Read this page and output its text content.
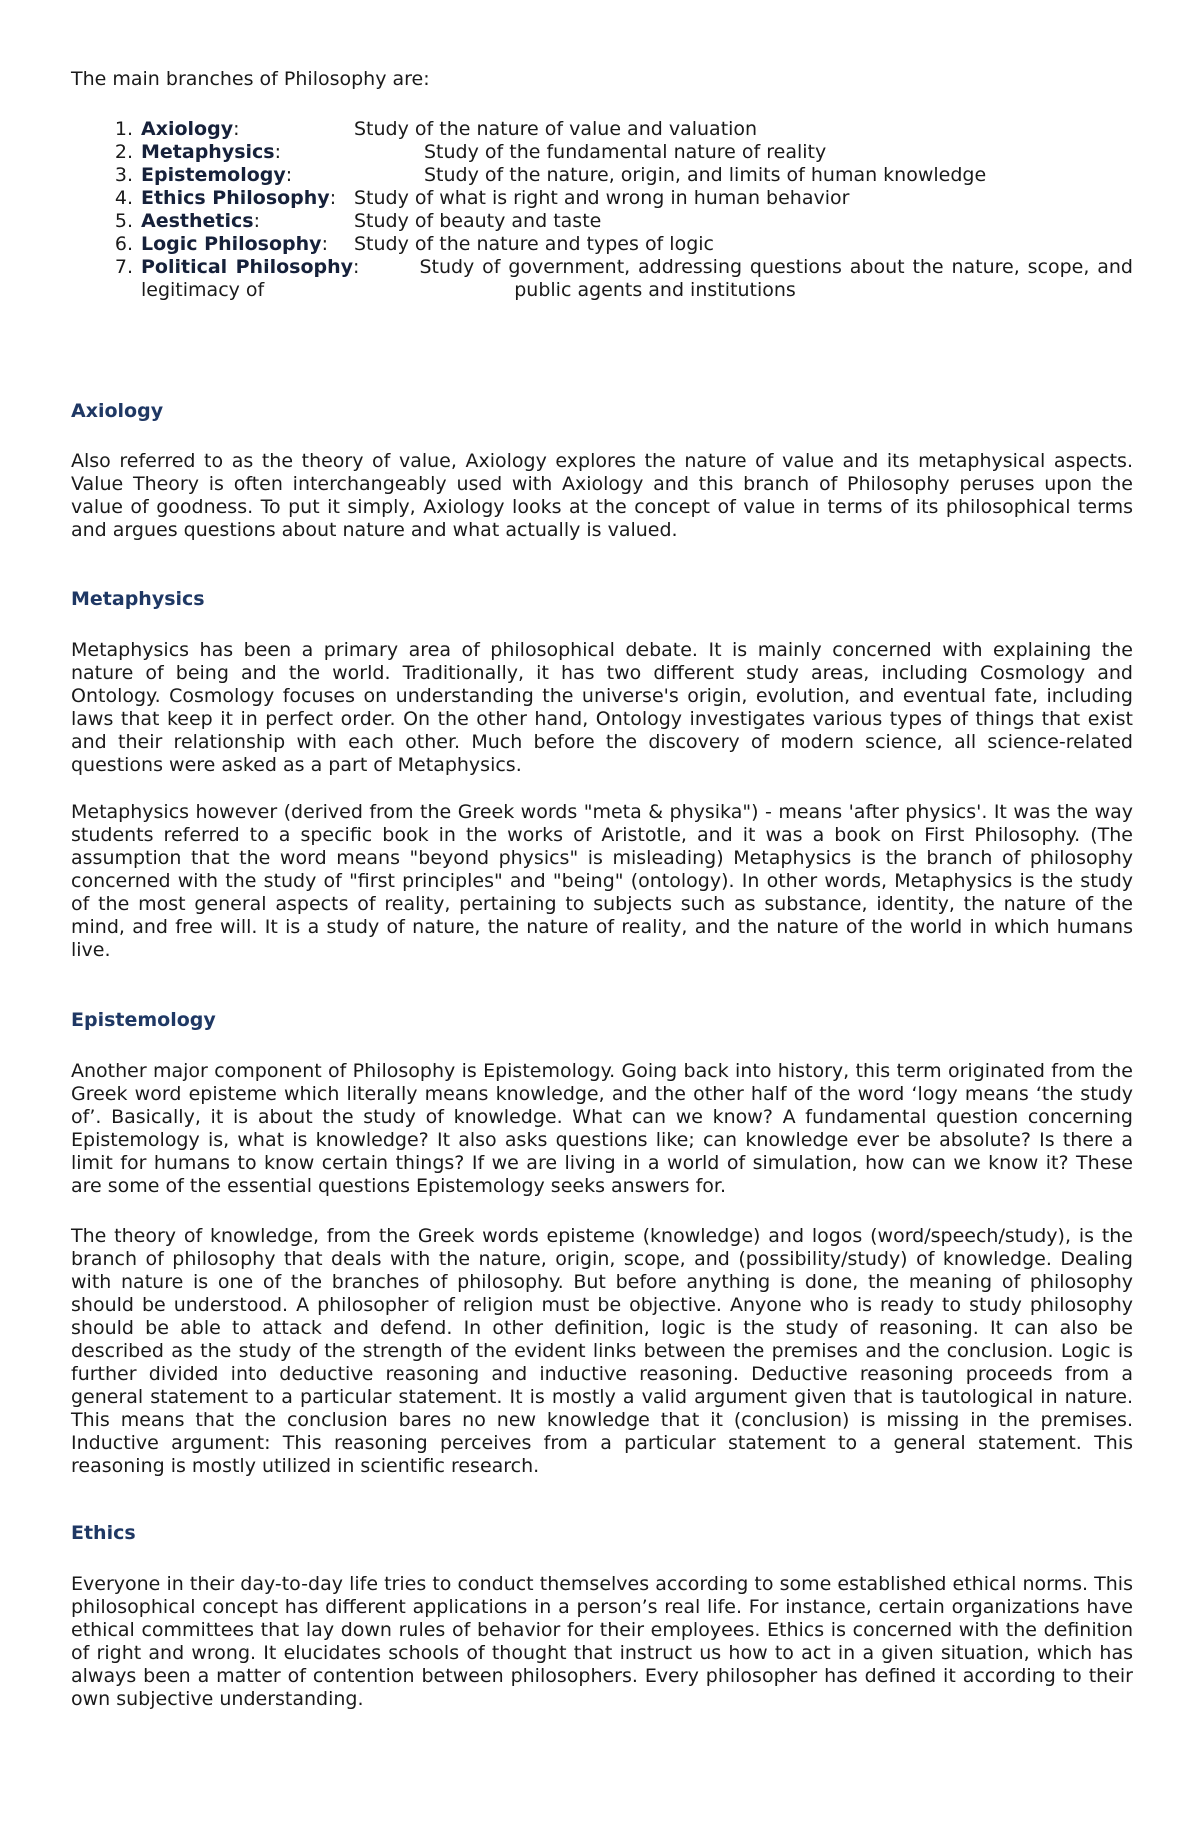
The main branches of Philosophy are:

1. Axiology:	Study of the nature of value and valuation
2. Metaphysics:	Study of the fundamental nature of reality
3. Epistemology:	Study of the nature, origin, and limits of human knowledge
4. Ethics Philosophy: Study of what is right and wrong in human behavior
5. Aesthetics:	Study of beauty and taste
6. Logic Philosophy: Study of the nature and types of logic
7. Political Philosophy:	Study of government, addressing questions about the nature, scope, and legitimacy of	public agents and institutions
Axiology

Also referred to as the theory of value, Axiology explores the nature of value and its metaphysical aspects. Value Theory is often interchangeably used with Axiology and this branch of Philosophy peruses upon the value of goodness. To put it simply, Axiology looks at the concept of value in terms of its philosophical terms and argues questions about nature and what actually is valued.

Metaphysics

Metaphysics has been a primary area of philosophical debate. It is mainly concerned with explaining the nature of being and the world. Traditionally, it has two different study areas, including Cosmology and Ontology. Cosmology focuses on understanding the universe's origin, evolution, and eventual fate, including laws that keep it in perfect order. On the other hand, Ontology investigates various types of things that exist and their relationship with each other. Much before the discovery of modern science, all science-related questions were asked as a part of Metaphysics.

Metaphysics however (derived from the Greek words "meta & physika") - means 'after physics'. It was the way students referred to a specific book in the works of Aristotle, and it was a book on First Philosophy. (The assumption that the word means "beyond physics" is misleading) Metaphysics is the branch of philosophy concerned with the study of "first principles" and "being" (ontology). In other words, Metaphysics is the study of the most general aspects of reality, pertaining to subjects such as substance, identity, the nature of the mind, and free will. It is a study of nature, the nature of reality, and the nature of the world in which humans live.

Epistemology

Another major component of Philosophy is Epistemology. Going back into history, this term originated from the Greek word episteme which literally means knowledge, and the other half of the word ‘logy means ‘the study of’. Basically, it is about the study of knowledge. What can we know? A fundamental question concerning Epistemology is, what is knowledge? It also asks questions like; can knowledge ever be absolute? Is there a limit for humans to know certain things? If we are living in a world of simulation, how can we know it? These are some of the essential questions Epistemology seeks answers for.

The theory of knowledge, from the Greek words episteme (knowledge) and logos (word/speech/study), is the branch of philosophy that deals with the nature, origin, scope, and (possibility/study) of knowledge. Dealing with nature is one of the branches of philosophy. But before anything is done, the meaning of philosophy should be understood. A philosopher of religion must be objective. Anyone who is ready to study philosophy should be able to attack and defend. In other definition, logic is the study of reasoning. It can also be described as the study of the strength of the evident links between the premises and the conclusion. Logic is further divided into deductive reasoning and inductive reasoning. Deductive reasoning proceeds from a general statement to a particular statement. It is mostly a valid argument given that is tautological in nature. This means that the conclusion bares no new knowledge that it (conclusion) is missing in the premises. Inductive argument: This reasoning perceives from a particular statement to a general statement. This reasoning is mostly utilized in scientific research.

Ethics

Everyone in their day-to-day life tries to conduct themselves according to some established ethical norms. This philosophical concept has different applications in a person’s real life. For instance, certain organizations have ethical committees that lay down rules of behavior for their employees. Ethics is concerned with the definition of right and wrong. It elucidates schools of thought that instruct us how to act in a given situation, which has always been a matter of contention between philosophers. Every philosopher has defined it according to their own subjective understanding.
